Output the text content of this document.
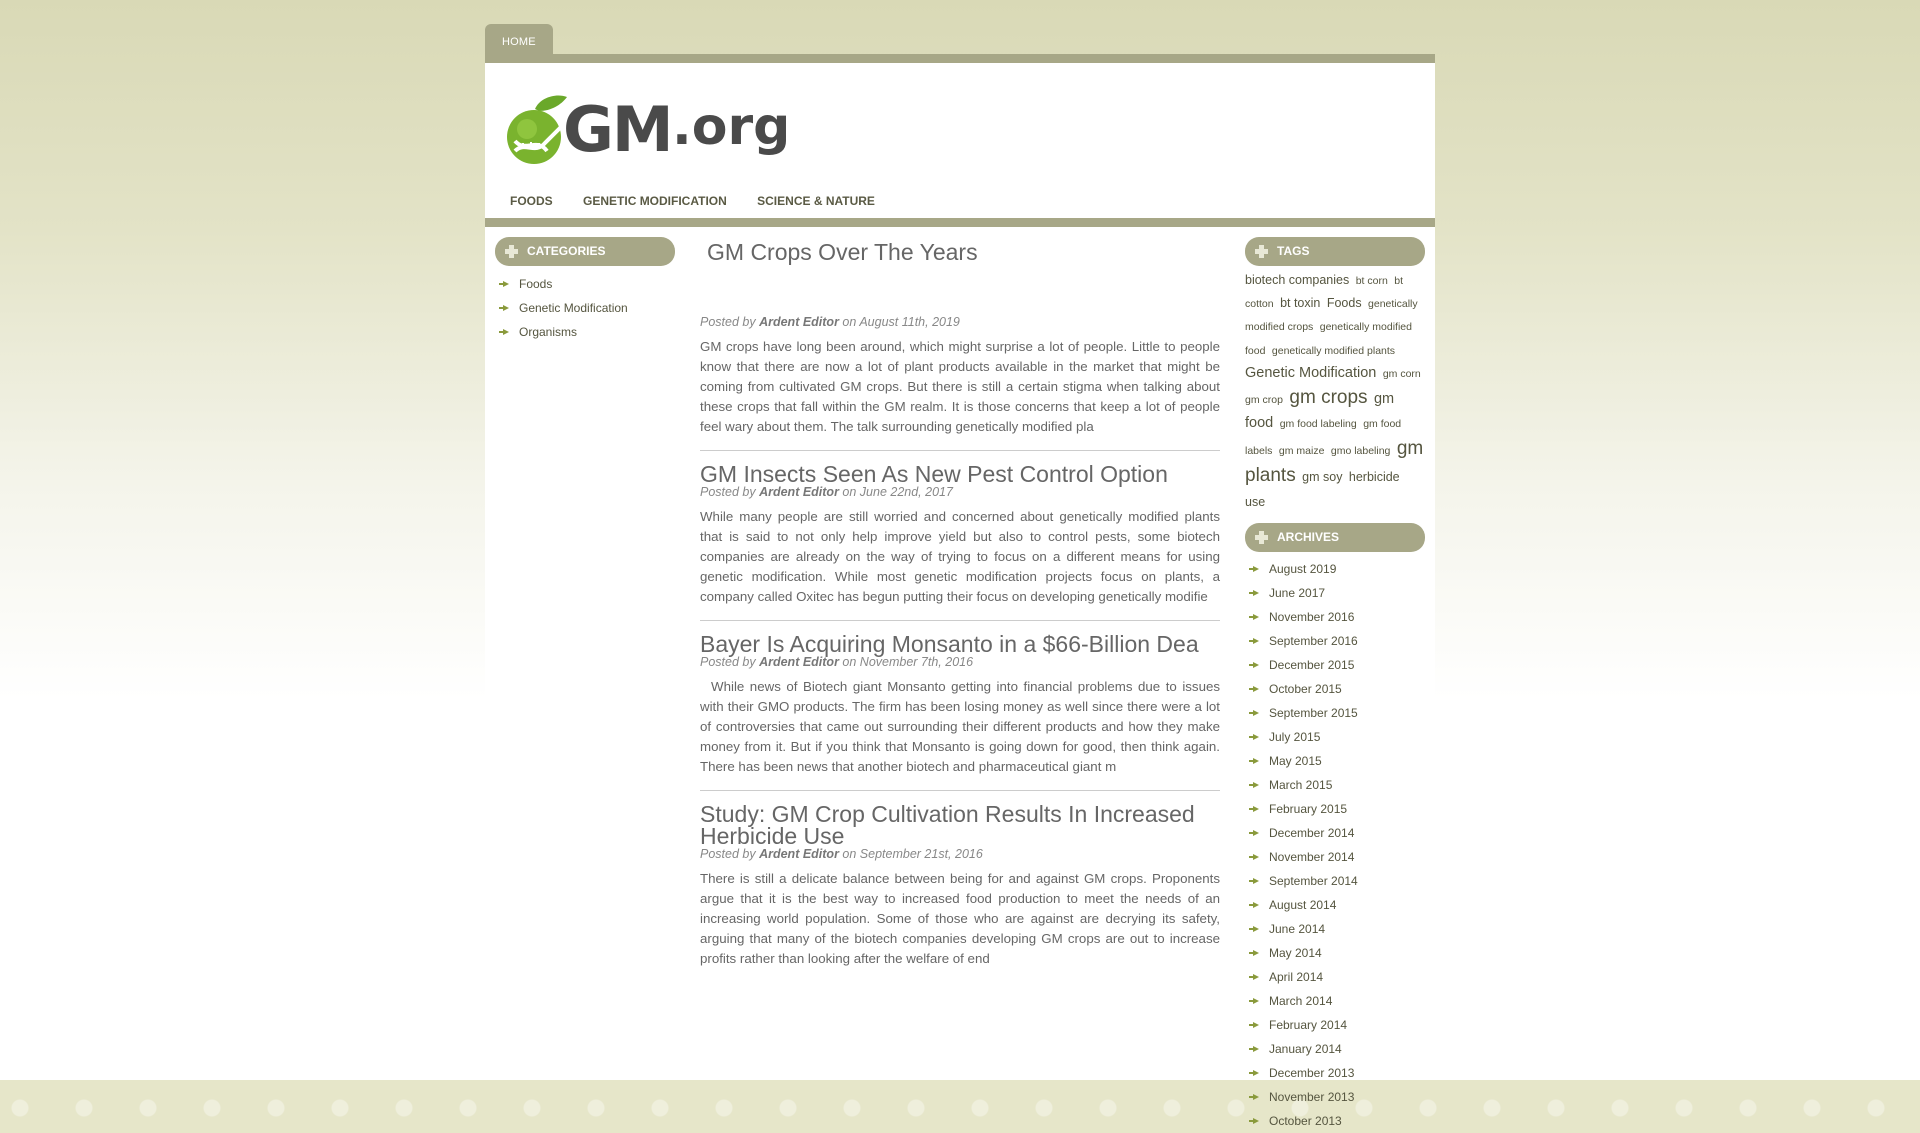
HOME
GM .org
FOODS	GENETIC MODIFICATION	SCIENCE & NATURE
CATEGORIES
Foods
Genetic Modification
Organisms
GM Crops Over The Years
Posted by Ardent Editor on August 11th, 2019

GM crops have long been around, which might surprise a lot of people. Little to people know that there are now a lot of plant products available in the market that might be coming from cultivated GM crops. But there is still a certain stigma when talking about these crops that fall within the GM realm. It is those concerns that keep a lot of people feel wary about them. The talk surrounding genetically modified pla

GM Insects Seen As New Pest Control Option
Posted by Ardent Editor on June 22nd, 2017

While many people are still worried and concerned about genetically modified plants that is said to not only help improve yield but also to control pests, some biotech companies are already on the way of trying to focus on a different means for using genetic modification. While most genetic modification projects focus on plants, a company called Oxitec has begun putting their focus on developing genetically modifie

Bayer Is Acquiring Monsanto in a $66-Billion Dea
Posted by Ardent Editor on November 7th, 2016

While news of Biotech giant Monsanto getting into financial problems due to issues with their GMO products. The firm has been losing money as well since there were a lot of controversies that came out surrounding their different products and how they make money from it. But if you think that Monsanto is going down for good, then think again. There has been news that another biotech and pharmaceutical giant m

Study: GM Crop Cultivation Results In Increased Herbicide Use
Posted by Ardent Editor on September 21st, 2016

There is still a delicate balance between being for and against GM crops. Proponents argue that it is the best way to increased food production to meet the needs of an increasing world population. Some of those who are against are decrying its safety, arguing that many of the biotech companies developing GM crops are out to increase profits rather than looking after the welfare of end

TAGS
biotech companies bt corn bt cotton bt toxin Foods genetically modified crops genetically modified food genetically modified plants Genetic Modification gm corn gm crop gm crops gm food gm food labeling gm food labels gm maize gmo labeling gm plants gm soy herbicide use
ARCHIVES
August 2019
June 2017
November 2016
September 2016
December 2015
October 2015
September 2015
July 2015
May 2015
March 2015
February 2015
December 2014
November 2014
September 2014
August 2014
June 2014
May 2014
April 2014
March 2014
February 2014
January 2014
December 2013
November 2013
October 2013
